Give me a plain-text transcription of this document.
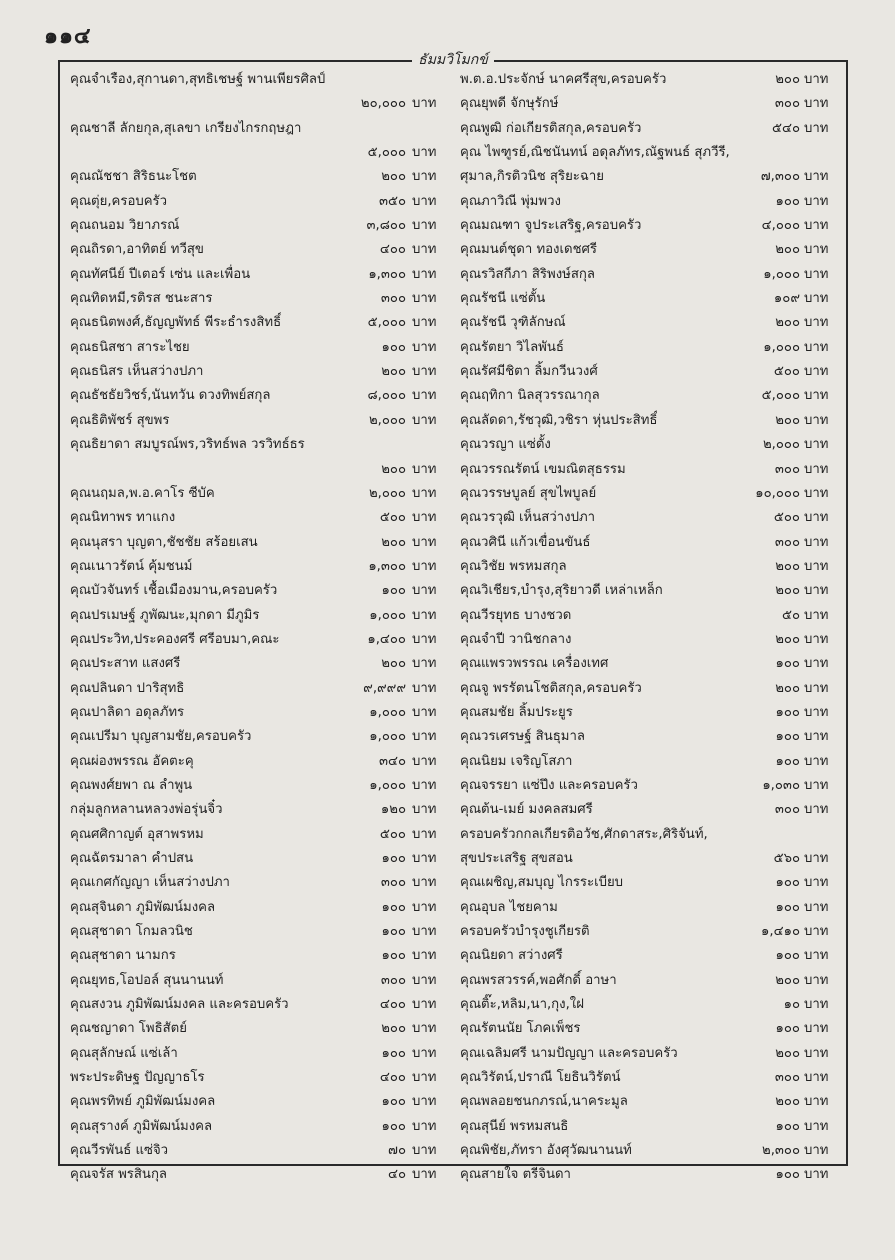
๑๑๔
ธัมมวิโมกข์
คุณจำเรือง,สุกานดา,สุทธิเชษฐ์ พานเพียรศิลป์
๒๐,๐๐๐ บาท
คุณชาลี ลักยกุล,สุเลขา เกรียงไกรกฤษฎา
๕,๐๐๐ บาท
คุณณัชชา สิริธนะโชต	๒๐๐ บาท
คุณตุ่ย,ครอบครัว	๓๕๐ บาท
คุณถนอม วิยาภรณ์	๓,๘๐๐ บาท
คุณถิรดา,อาทิตย์ ทวีสุข	๔๐๐ บาท
คุณทัศนีย์ ปีเตอร์ เซ่น และเพื่อน	๑,๓๐๐ บาท
คุณทิดหมี,รติรส ชนะสาร	๓๐๐ บาท
คุณธนิตพงศ์,ธัญญพัทธ์ พีระธำรงสิทธิ์	๕,๐๐๐ บาท
คุณธนิสชา สาระไชย	๑๐๐ บาท
คุณธนิสร เห็นสว่างปภา	๒๐๐ บาท
คุณธัชธัยวิชร์,นันทวัน ดวงทิพย์สกุล	๘,๐๐๐ บาท
คุณธิติพัชร์ สุขพร	๒,๐๐๐ บาท
คุณธิยาดา สมบูรณ์พร,วริทธ์พล วรวิทธ์ธร
๒๐๐ บาท
คุณนฤมล,พ.อ.คาโร ซีบัค	๒,๐๐๐ บาท
คุณนิทาพร ทาแกง	๕๐๐ บาท
คุณนุสรา บุญตา,ชัชชัย สร้อยเสน	๒๐๐ บาท
คุณเนาวรัตน์ คุ้มชนม์	๑,๓๐๐ บาท
คุณบัวจันทร์ เชื้อเมืองมาน,ครอบครัว	๑๐๐ บาท
คุณปรเมษฐ์ ภูพัฒนะ,มุกดา มีภูมิร	๑,๐๐๐ บาท
คุณประวิท,ประคองศรี ศรีอบมา,คณะ	๑,๔๐๐ บาท
คุณประสาท แสงศรี	๒๐๐ บาท
คุณปลินดา ปาริสุทธิ	๙,๙๙๙ บาท
คุณปาลิดา อดุลภัทร	๑,๐๐๐ บาท
คุณเปรีมา บุญสามชัย,ครอบครัว	๑,๐๐๐ บาท
คุณผ่องพรรณ อัคตะคุ	๓๔๐ บาท
คุณพงศ์ยพา ณ ลำพูน	๑,๐๐๐ บาท
กลุ่มลูกหลานหลวงพ่อรุ่นจิ๋ว	๑๒๐ บาท
คุณศศิกาญต์ อุสาพรหม	๕๐๐ บาท
คุณฉัตรมาลา คำปสน	๑๐๐ บาท
คุณเกศกัญญา เห็นสว่างปภา	๓๐๐ บาท
คุณสุจินดา ภูมิพัฒน์มงคล	๑๐๐ บาท
คุณสุชาดา โกมลวนิช	๑๐๐ บาท
คุณสุชาดา นามกร	๑๐๐ บาท
คุณยุทธ,โอปอล์ สุนนานนท์	๓๐๐ บาท
คุณสงวน ภูมิพัฒน์มงคล และครอบครัว	๔๐๐ บาท
คุณชญาดา โพธิสัตย์	๒๐๐ บาท
คุณสุลักษณ์ แซ่เล้า	๑๐๐ บาท
พระประดิษฐ ปัญญาธโร	๔๐๐ บาท
คุณพรทิพย์ ภูมิพัฒน์มงคล	๑๐๐ บาท
คุณสุรางค์ ภูมิพัฒน์มงคล	๑๐๐ บาท
คุณวีรพันธ์ แซ่จิว	๗๐ บาท
คุณจรัส พรสินกุล	๔๐ บาท
พ.ต.อ.ประจักษ์ นาคศรีสุข,ครอบครัว	๒๐๐ บาท
คุณยุพดี จักษุรักษ์	๓๐๐ บาท
คุณพูฒิ ก่อเกียรติสกุล,ครอบครัว	๕๔๐ บาท
คุณ ไพฑูรย์,ณิชนันทน์ อดุลภัทร,ณัฐพนธ์ สุภวีรี,
ศุมาล,กิรติวนิช สุริยะฉาย	๗,๓๐๐ บาท
คุณภาวิณี พุ่มพวง	๑๐๐ บาท
คุณมณฑา จูประเสริฐ,ครอบครัว	๔,๐๐๐ บาท
คุณมนต์ชุดา ทองเดชศรี	๒๐๐ บาท
คุณรวิสกีภา สิริพงษ์สกุล	๑,๐๐๐ บาท
คุณรัชนี แซ่ตั้น	๑๐๙ บาท
คุณรัชนี วุฑิลักษณ์	๒๐๐ บาท
คุณรัตยา วิไลพันธ์	๑,๐๐๐ บาท
คุณรัศมีชิตา ลิ้มกวีนวงศ์	๕๐๐ บาท
คุณฤทิกา นิลสุวรรณากุล	๕,๐๐๐ บาท
คุณลัดดา,รัชวุฒิ,วชิรา หุ่นประสิทธิ์	๒๐๐ บาท
คุณวรญา แซ่ตั้ง	๒,๐๐๐ บาท
คุณวรรณรัตน์ เขมณิตสุธรรม	๓๐๐ บาท
คุณวรรษบูลย์ สุขไพบูลย์	๑๐,๐๐๐ บาท
คุณวรวุฒิ เห็นสว่างปภา	๕๐๐ บาท
คุณวศินี แก้วเขื่อนขันธ์	๓๐๐ บาท
คุณวิชัย พรหมสกุล	๒๐๐ บาท
คุณวิเชียร,บำรุง,สุริยาวดี เหล่าเหล็ก	๒๐๐ บาท
คุณวีรยุทธ บางชวด	๕๐ บาท
คุณจำปี วานิชกลาง	๒๐๐ บาท
คุณแพรวพรรณ เครื่องเทศ	๑๐๐ บาท
คุณจู พรรัตนโชติสกุล,ครอบครัว	๒๐๐ บาท
คุณสมชัย ลิ้มประยูร	๑๐๐ บาท
คุณวรเศรษฐ์ สินธุมาล	๑๐๐ บาท
คุณนิยม เจริญโสภา	๑๐๐ บาท
คุณจรรยา แซ่ปึง และครอบครัว	๑,๐๓๐ บาท
คุณต้น-เมย์ มงคลสมศรี	๓๐๐ บาท
ครอบครัวกกลเกียรติอวัช,ศักดาสระ,ศิริจันท์,
สุขประเสริฐ สุขสอน	๕๖๐ บาท
คุณเผชิญ,สมบุญ ไกรระเบียบ	๑๐๐ บาท
คุณอุบล ไชยคาม	๑๐๐ บาท
ครอบครัวบำรุงชูเกียรติ	๑,๔๑๐ บาท
คุณนิยดา สว่างศรี	๑๐๐ บาท
คุณพรสวรรค์,พอศักดิ์ อาษา	๒๐๐ บาท
คุณติ๊ะ,หลิม,นา,กุง,ใฝ	๑๐ บาท
คุณรัตนนัย โภคเพ็ชร	๑๐๐ บาท
คุณเฉลิมศรี นามปัญญา และครอบครัว	๒๐๐ บาท
คุณวิรัตน์,ปราณี โยธินวิรัตน์	๓๐๐ บาท
คุณพลอยชนกภรณ์,นาคระมูล	๒๐๐ บาท
คุณสุนีย์ พรหมสนธิ	๑๐๐ บาท
คุณพิชัย,ภัทรา อังศุวัฒนานนท์	๒,๓๐๐ บาท
คุณสายใจ ตรีจินดา	๑๐๐ บาท
